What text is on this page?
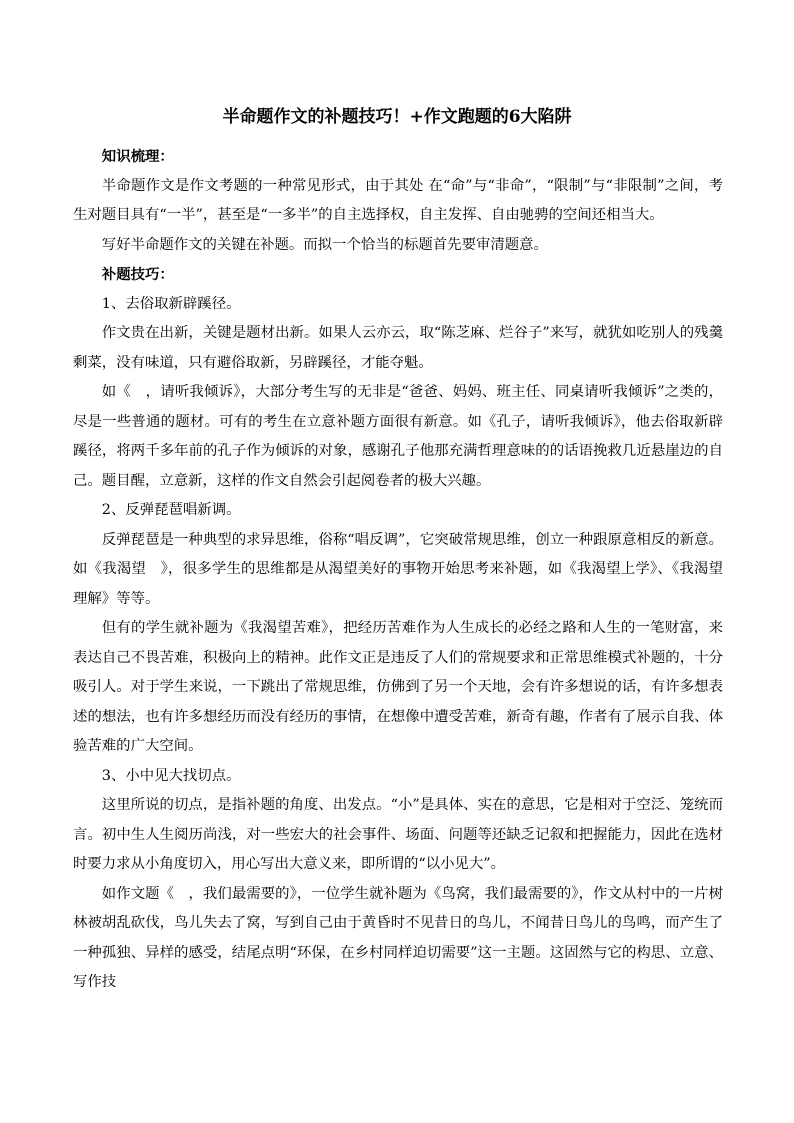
半命题作文的补题技巧！+作文跑题的6大陷阱

知识梳理：

半命题作文是作文考题的一种常见形式，由于其处 在“命”与“非命”，“限制”与“非限制”之间，考生对题目具有“一半”，甚至是“一多半”的自主选择权，自主发挥、自由驰骋的空间还相当大。

写好半命题作文的关键在补题。而拟一个恰当的标题首先要审清题意。

补题技巧：

1、去俗取新辟蹊径。

作文贵在出新，关键是题材出新。如果人云亦云，取“陈芝麻、烂谷子”来写，就犹如吃别人的残羹剩菜，没有味道，只有避俗取新，另辟蹊径，才能夺魁。

如《　，请听我倾诉》，大部分考生写的无非是“爸爸、妈妈、班主任、同桌请听我倾诉”之类的，尽是一些普通的题材。可有的考生在立意补题方面很有新意。如《孔子，请听我倾诉》，他去俗取新辟蹊径，将两千多年前的孔子作为倾诉的对象，感谢孔子他那充满哲理意味的的话语挽救几近悬崖边的自己。题目醒，立意新，这样的作文自然会引起阅卷者的极大兴趣。

2、反弹琵琶唱新调。

反弹琵琶是一种典型的求异思维，俗称“唱反调”，它突破常规思维，创立一种跟原意相反的新意。如《我渴望　》，很多学生的思维都是从渴望美好的事物开始思考来补题，如《我渴望上学》、《我渴望理解》等等。

但有的学生就补题为《我渴望苦难》，把经历苦难作为人生成长的必经之路和人生的一笔财富，来表达自己不畏苦难，积极向上的精神。此作文正是违反了人们的常规要求和正常思维模式补题的，十分吸引人。对于学生来说，一下跳出了常规思维，仿佛到了另一个天地，会有许多想说的话，有许多想表述的想法，也有许多想经历而没有经历的事情，在想像中遭受苦难，新奇有趣，作者有了展示自我、体验苦难的广大空间。

3、小中见大找切点。

这里所说的切点，是指补题的角度、出发点。“小”是具体、实在的意思，它是相对于空泛、笼统而言。初中生人生阅历尚浅，对一些宏大的社会事件、场面、问题等还缺乏记叙和把握能力，因此在选材时要力求从小角度切入，用心写出大意义来，即所谓的“以小见大”。

如作文题《　，我们最需要的》，一位学生就补题为《鸟窝，我们最需要的》，作文从村中的一片树林被胡乱砍伐，鸟儿失去了窝，写到自己由于黄昏时不见昔日的鸟儿，不闻昔日鸟儿的鸟鸣，而产生了一种孤独、异样的感受，结尾点明“环保，在乡村同样迫切需要”这一主题。这固然与它的构思、立意、写作技
